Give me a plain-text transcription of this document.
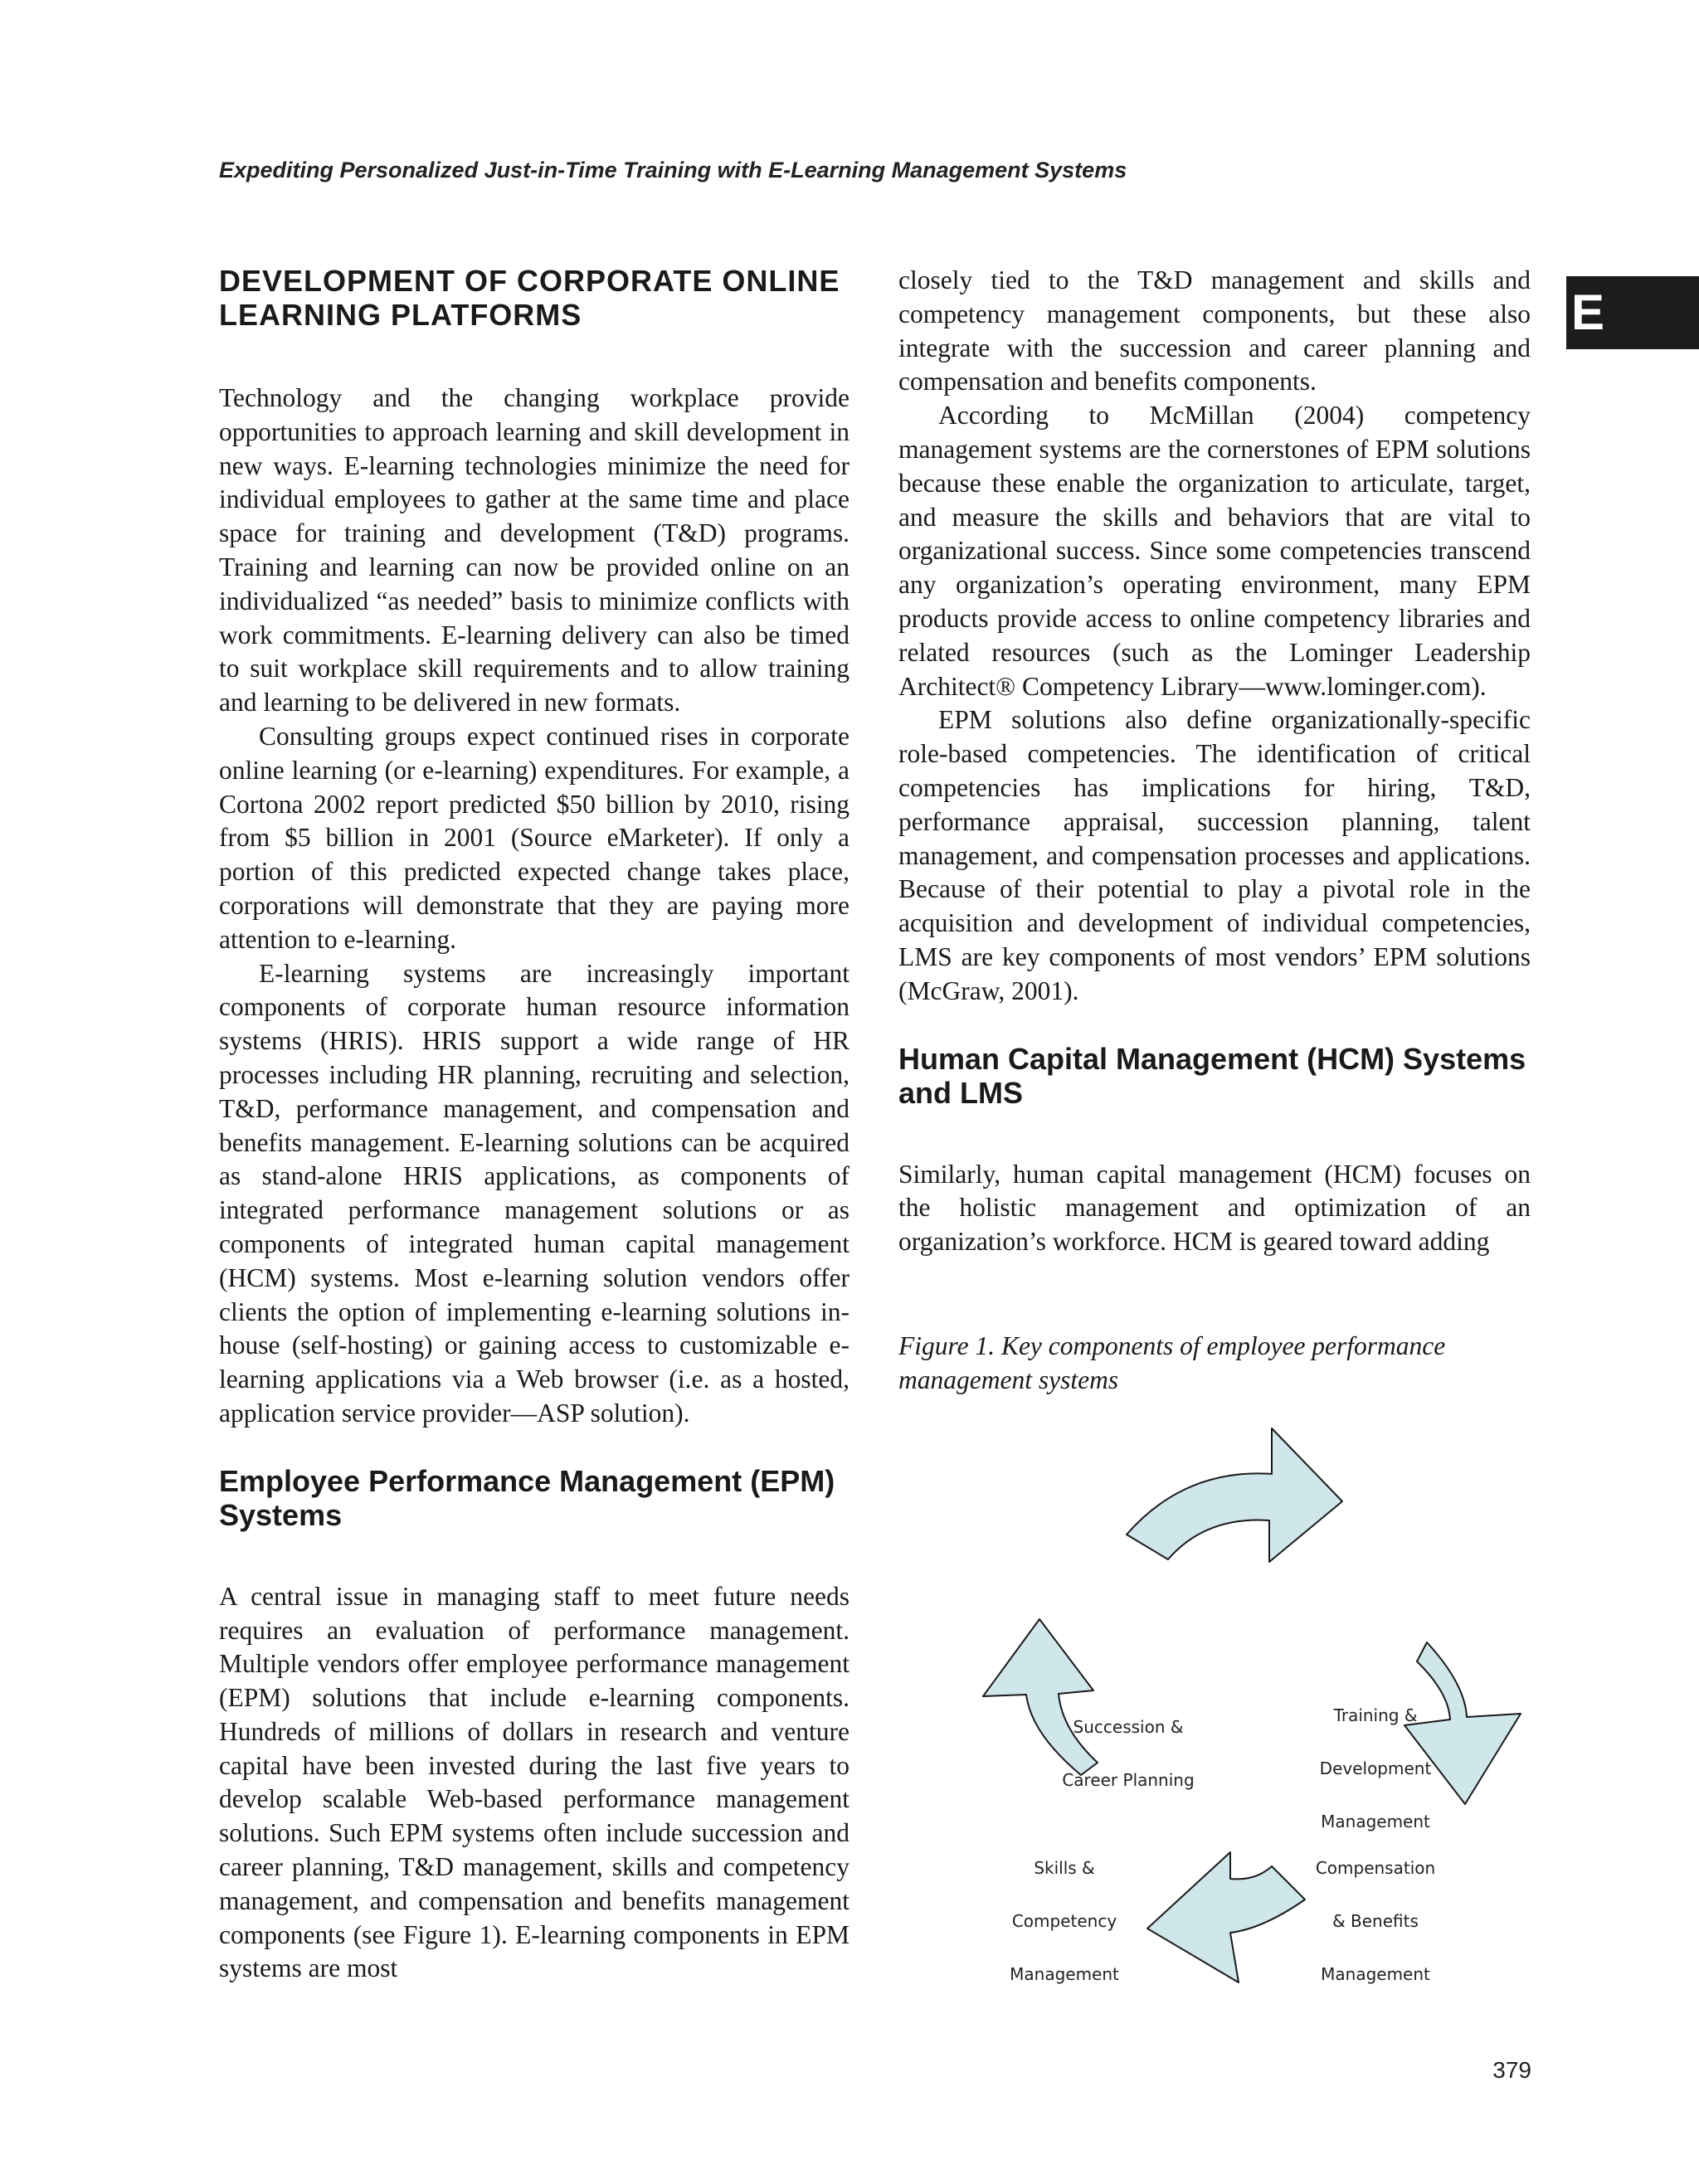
Expediting Personalized Just-in-Time Training with E-Learning Management Systems
E
DEVELOPMENT OF CORPORATE ONLINE LEARNING PLATFORMS

Technology and the changing workplace provide opportunities to approach learning and skill development in new ways. E-learning technologies minimize the need for individual employees to gather at the same time and place space for training and development (T&D) programs. Training and learning can now be provided online on an individualized “as needed” basis to minimize conflicts with work commitments. E-learning delivery can also be timed to suit workplace skill requirements and to allow training and learning to be delivered in new formats.

Consulting groups expect continued rises in corporate online learning (or e-learning) expenditures. For example, a Cortona 2002 report predicted $50 billion by 2010, rising from $5 billion in 2001 (Source eMarketer). If only a portion of this predicted expected change takes place, corporations will demonstrate that they are paying more attention to e-learning.

E-learning systems are increasingly important components of corporate human resource information systems (HRIS). HRIS support a wide range of HR processes including HR planning, recruiting and selection, T&D, performance management, and compensation and benefits management. E-learning solutions can be acquired as stand-alone HRIS applications, as components of integrated performance management solutions or as components of integrated human capital management (HCM) systems. Most e-learning solution vendors offer clients the option of implementing e-learning solutions in-house (self-hosting) or gaining access to customizable e-learning applications via a Web browser (i.e. as a hosted, application service provider—ASP solution).

Employee Performance Management (EPM) Systems

A central issue in managing staff to meet future needs requires an evaluation of performance management. Multiple vendors offer employee performance management (EPM) solutions that include e-learning components. Hundreds of millions of dollars in research and venture capital have been invested during the last five years to develop scalable Web-based performance management solutions. Such EPM systems often include succession and career planning, T&D management, skills and competency management, and compensation and benefits management components (see Figure 1). E-learning components in EPM systems are most

closely tied to the T&D management and skills and competency management components, but these also integrate with the succession and career planning and compensation and benefits components.

According to McMillan (2004) competency management systems are the cornerstones of EPM solutions because these enable the organization to articulate, target, and measure the skills and behaviors that are vital to organizational success. Since some competencies transcend any organization’s operating environment, many EPM products provide access to online competency libraries and related resources (such as the Lominger Leadership Architect® Competency Library—www.lominger.com).

EPM solutions also define organizationally-specific role-based competencies. The identification of critical competencies has implications for hiring, T&D, performance appraisal, succession planning, talent management, and compensation processes and applications. Because of their potential to play a pivotal role in the acquisition and development of individual competencies, LMS are key components of most vendors’ EPM solutions (McGraw, 2001).

Human Capital Management (HCM) Systems and LMS

Similarly, human capital management (HCM) focuses on the holistic management and optimization of an organization’s workforce. HCM is geared toward adding

Figure 1. Key components of employee performance management systems
Succession &
Career Planning
Training &
Development
Management
Compensation
& Benefits
Management
Skills &
Competency
Management
379
